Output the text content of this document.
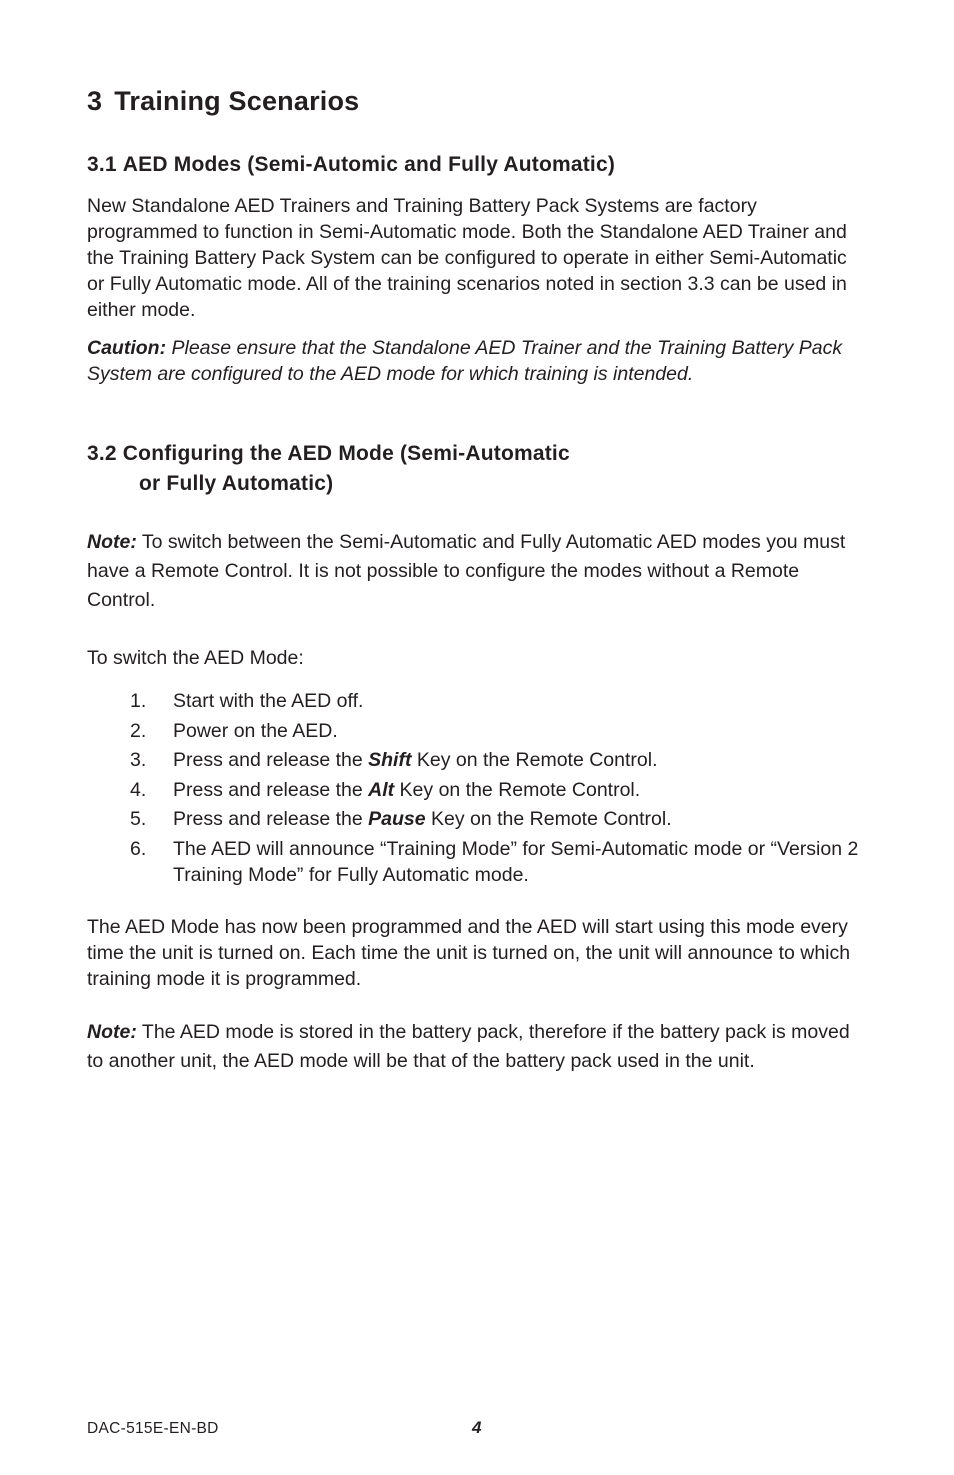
3 Training Scenarios
3.1 AED Modes (Semi-Automic and Fully Automatic)

New Standalone AED Trainers and Training Battery Pack Systems are factory programmed to function in Semi-Automatic mode. Both the Standalone AED Trainer and the Training Battery Pack System can be configured to operate in either Semi-Automatic or Fully Automatic mode. All of the training scenarios noted in section 3.3 can be used in either mode.

Caution: Please ensure that the Standalone AED Trainer and the Training Battery Pack System are configured to the AED mode for which training is intended.

3.2 Configuring the AED Mode (Semi-Automatic
or Fully Automatic)

Note: To switch between the Semi-Automatic and Fully Automatic AED modes you must have a Remote Control. It is not possible to configure the modes without a Remote Control.

To switch the AED Mode:

1. Start with the AED off.
2. Power on the AED.
3. Press and release the Shift Key on the Remote Control.
4. Press and release the Alt Key on the Remote Control.
5. Press and release the Pause Key on the Remote Control.
6. The AED will announce “Training Mode” for Semi-Automatic mode or “Version 2 Training Mode” for Fully Automatic mode.

The AED Mode has now been programmed and the AED will start using this mode every time the unit is turned on. Each time the unit is turned on, the unit will announce to which training mode it is programmed.

Note: The AED mode is stored in the battery pack, therefore if the battery pack is moved to another unit, the AED mode will be that of the battery pack used in the unit.

DAC-515E-EN-BD	4
